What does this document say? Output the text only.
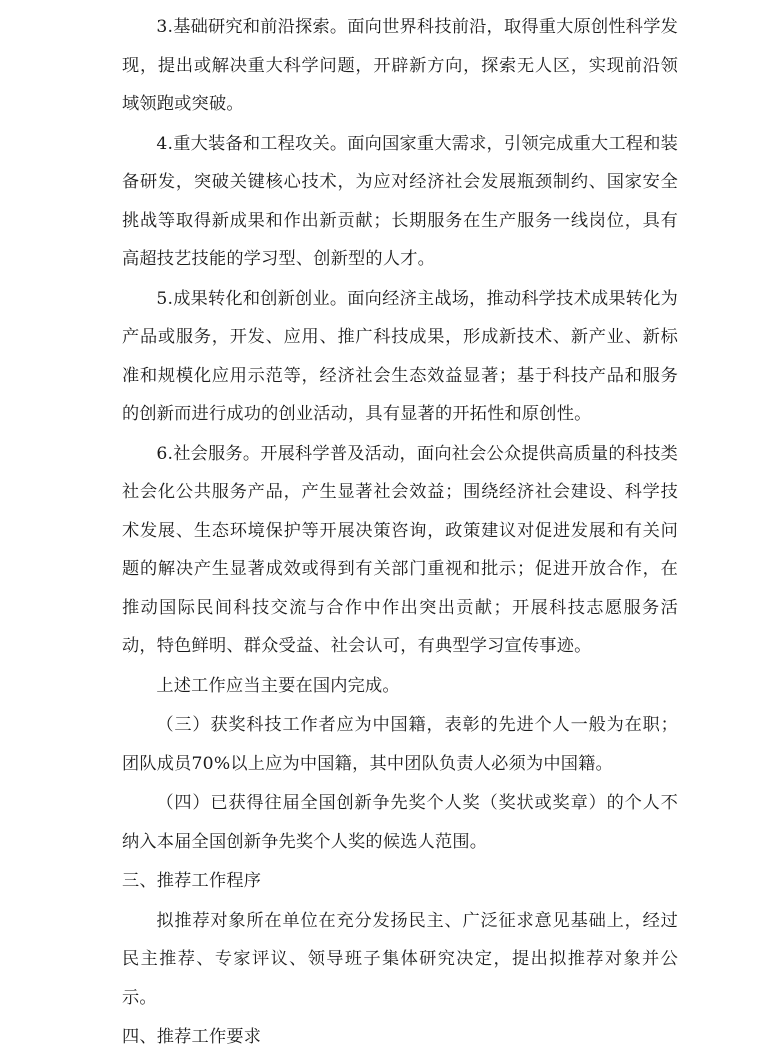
3.基础研究和前沿探索。面向世界科技前沿，取得重大原创性科学发现，提出或解决重大科学问题，开辟新方向，探索无人区，实现前沿领域领跑或突破。

4.重大装备和工程攻关。面向国家重大需求，引领完成重大工程和装备研发，突破关键核心技术，为应对经济社会发展瓶颈制约、国家安全挑战等取得新成果和作出新贡献；长期服务在生产服务一线岗位，具有高超技艺技能的学习型、创新型的人才。

5.成果转化和创新创业。面向经济主战场，推动科学技术成果转化为产品或服务，开发、应用、推广科技成果，形成新技术、新产业、新标准和规模化应用示范等，经济社会生态效益显著；基于科技产品和服务的创新而进行成功的创业活动，具有显著的开拓性和原创性。

6.社会服务。开展科学普及活动，面向社会公众提供高质量的科技类社会化公共服务产品，产生显著社会效益；围绕经济社会建设、科学技术发展、生态环境保护等开展决策咨询，政策建议对促进发展和有关问题的解决产生显著成效或得到有关部门重视和批示；促进开放合作，在推动国际民间科技交流与合作中作出突出贡献；开展科技志愿服务活动，特色鲜明、群众受益、社会认可，有典型学习宣传事迹。

上述工作应当主要在国内完成。

（三）获奖科技工作者应为中国籍，表彰的先进个人一般为在职；团队成员70%以上应为中国籍，其中团队负责人必须为中国籍。

（四）已获得往届全国创新争先奖个人奖（奖状或奖章）的个人不纳入本届全国创新争先奖个人奖的候选人范围。

三、推荐工作程序

拟推荐对象所在单位在充分发扬民主、广泛征求意见基础上，经过民主推荐、专家评议、领导班子集体研究决定，提出拟推荐对象并公示。

四、推荐工作要求
